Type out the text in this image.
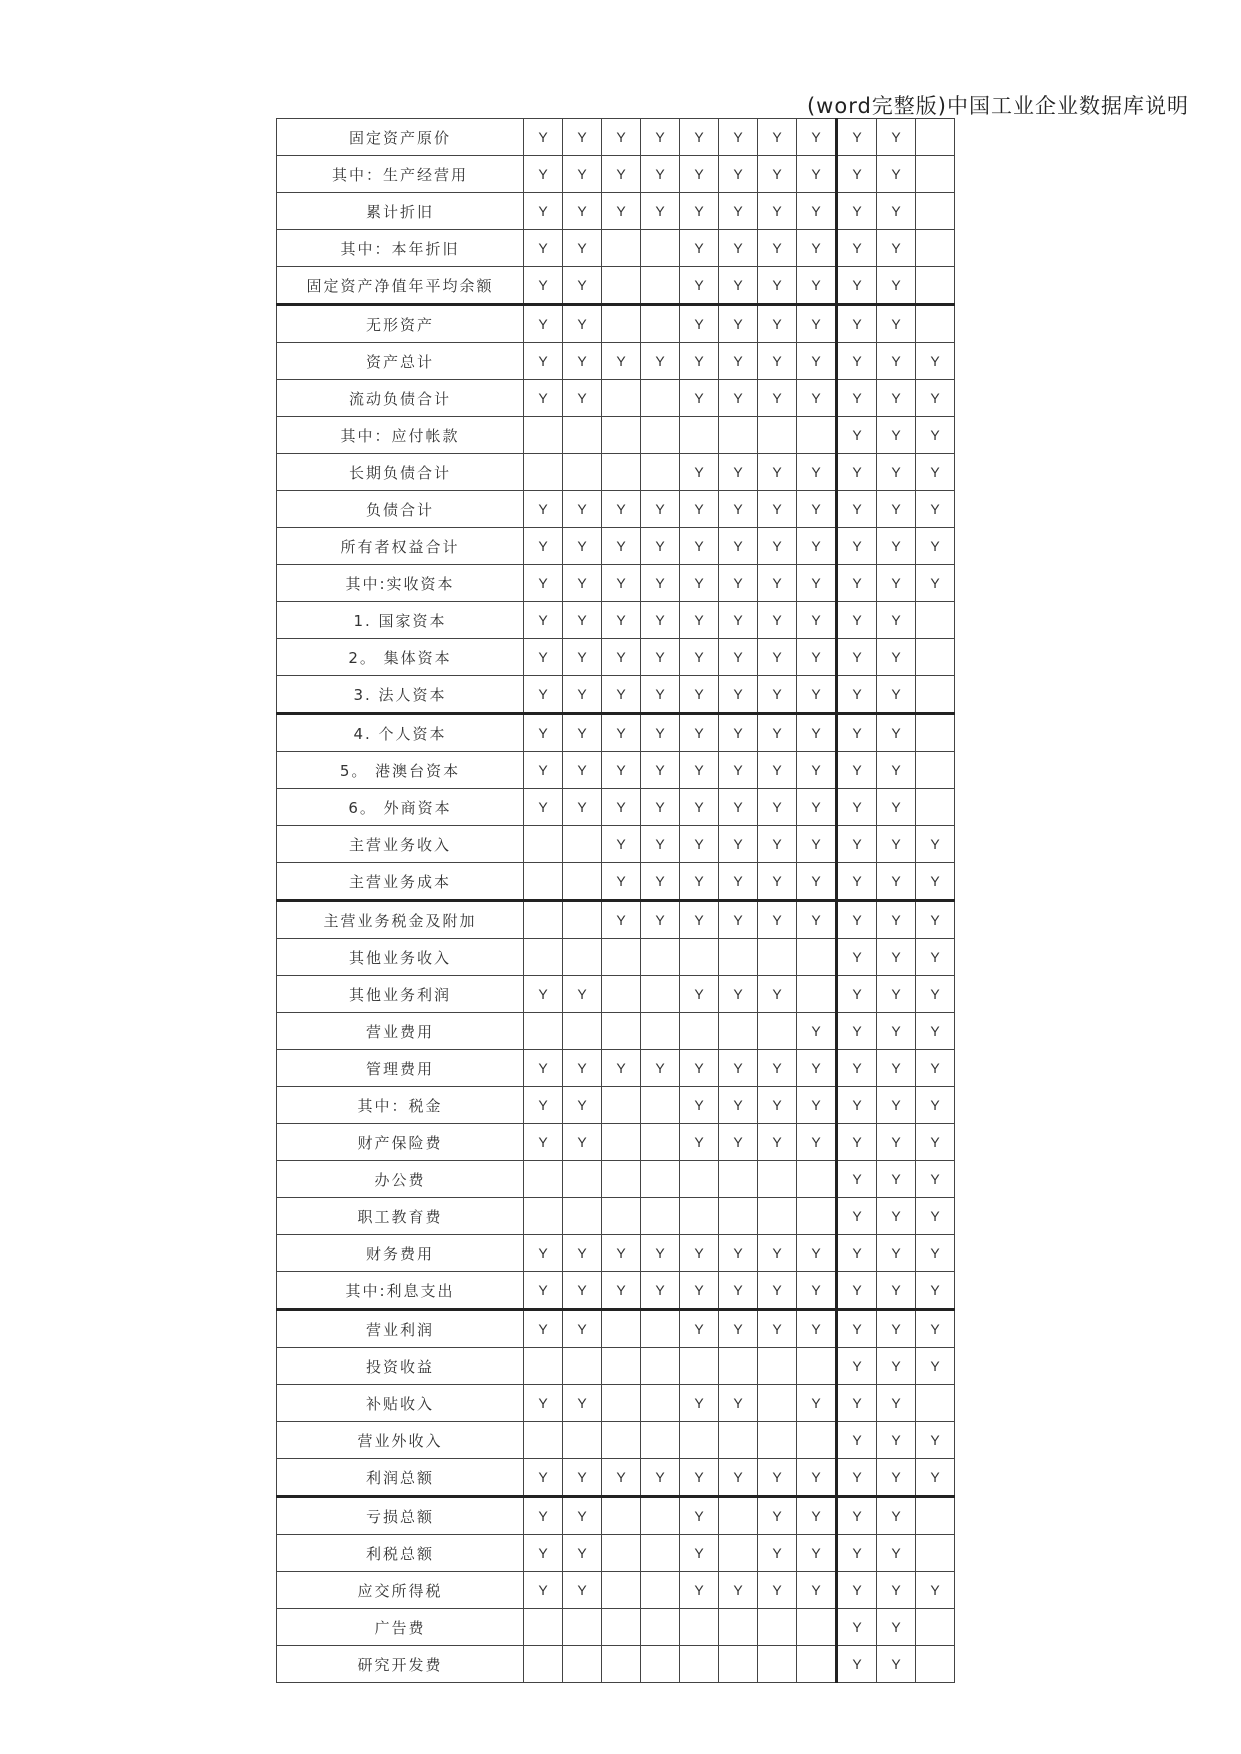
(word完整版)中国工业企业数据库说明
固定资产原价	Y	Y	Y	Y	Y	Y	Y	Y	Y	Y	
其中：生产经营用	Y	Y	Y	Y	Y	Y	Y	Y	Y	Y	
累计折旧	Y	Y	Y	Y	Y	Y	Y	Y	Y	Y	
其中：本年折旧	Y	Y			Y	Y	Y	Y	Y	Y	
固定资产净值年平均余额	Y	Y			Y	Y	Y	Y	Y	Y	
无形资产	Y	Y			Y	Y	Y	Y	Y	Y	
资产总计	Y	Y	Y	Y	Y	Y	Y	Y	Y	Y	Y
流动负债合计	Y	Y			Y	Y	Y	Y	Y	Y	Y
其中：应付帐款									Y	Y	Y
长期负债合计					Y	Y	Y	Y	Y	Y	Y
负债合计	Y	Y	Y	Y	Y	Y	Y	Y	Y	Y	Y
所有者权益合计	Y	Y	Y	Y	Y	Y	Y	Y	Y	Y	Y
其中:实收资本	Y	Y	Y	Y	Y	Y	Y	Y	Y	Y	Y
1. 国家资本	Y	Y	Y	Y	Y	Y	Y	Y	Y	Y	
2。 集体资本	Y	Y	Y	Y	Y	Y	Y	Y	Y	Y	
3. 法人资本	Y	Y	Y	Y	Y	Y	Y	Y	Y	Y	
4. 个人资本	Y	Y	Y	Y	Y	Y	Y	Y	Y	Y	
5。 港澳台资本	Y	Y	Y	Y	Y	Y	Y	Y	Y	Y	
6。 外商资本	Y	Y	Y	Y	Y	Y	Y	Y	Y	Y	
主营业务收入			Y	Y	Y	Y	Y	Y	Y	Y	Y
主营业务成本			Y	Y	Y	Y	Y	Y	Y	Y	Y
主营业务税金及附加			Y	Y	Y	Y	Y	Y	Y	Y	Y
其他业务收入									Y	Y	Y
其他业务利润	Y	Y			Y	Y	Y		Y	Y	Y
营业费用								Y	Y	Y	Y
管理费用	Y	Y	Y	Y	Y	Y	Y	Y	Y	Y	Y
其中：税金	Y	Y			Y	Y	Y	Y	Y	Y	Y
财产保险费	Y	Y			Y	Y	Y	Y	Y	Y	Y
办公费									Y	Y	Y
职工教育费									Y	Y	Y
财务费用	Y	Y	Y	Y	Y	Y	Y	Y	Y	Y	Y
其中:利息支出	Y	Y	Y	Y	Y	Y	Y	Y	Y	Y	Y
营业利润	Y	Y			Y	Y	Y	Y	Y	Y	Y
投资收益									Y	Y	Y
补贴收入	Y	Y			Y	Y		Y	Y	Y	
营业外收入									Y	Y	Y
利润总额	Y	Y	Y	Y	Y	Y	Y	Y	Y	Y	Y
亏损总额	Y	Y			Y		Y	Y	Y	Y	
利税总额	Y	Y			Y		Y	Y	Y	Y	
应交所得税	Y	Y			Y	Y	Y	Y	Y	Y	Y
广告费									Y	Y	
研究开发费									Y	Y	
